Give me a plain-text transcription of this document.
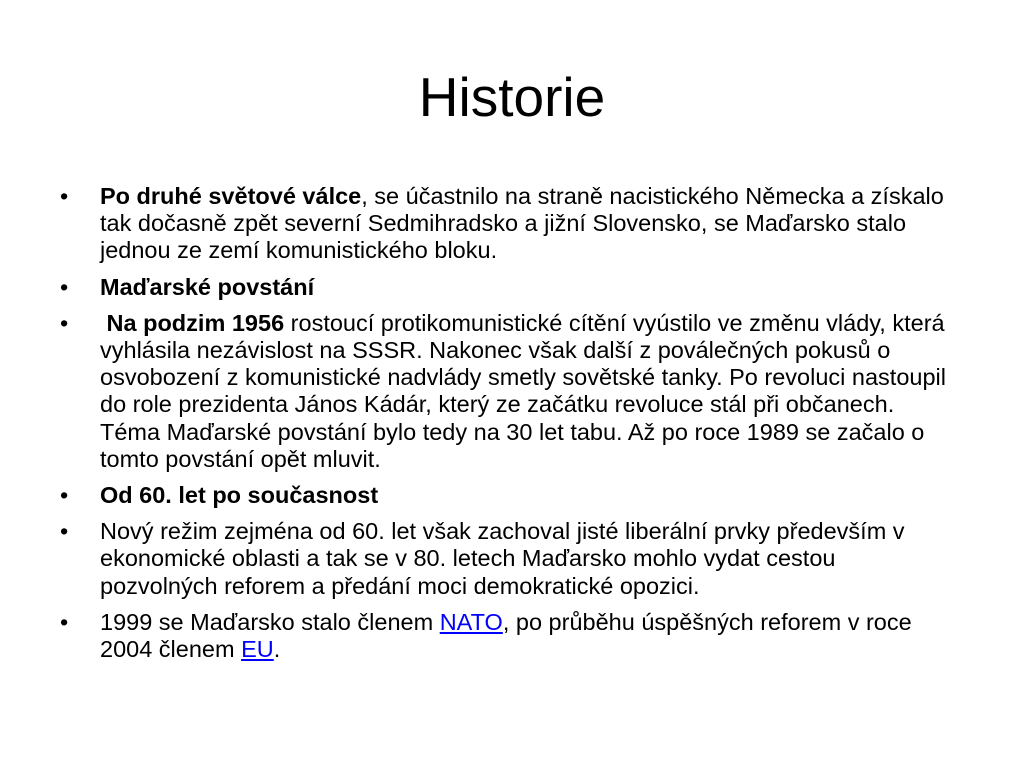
Historie
•	Po druhé světové válce, se účastnilo na straně nacistického Německa a získalo tak dočasně zpět severní Sedmihradsko a jižní Slovensko, se Maďarsko stalo jednou ze zemí komunistického bloku.
•	Maďarské povstání
•	Na podzim 1956 rostoucí protikomunistické cítění vyústilo ve změnu vlády, která vyhlásila nezávislost na SSSR. Nakonec však další z poválečných pokusů o osvobození z komunistické nadvlády smetly sovětské tanky. Po revoluci nastoupil do role prezidenta János Kádár, který ze začátku revoluce stál při občanech. Téma Maďarské povstání bylo tedy na 30 let tabu. Až po roce 1989 se začalo o tomto povstání opět mluvit.
•	Od 60. let po současnost
•	Nový režim zejména od 60. let však zachoval jisté liberální prvky především v ekonomické oblasti a tak se v 80. letech Maďarsko mohlo vydat cestou pozvolných reforem a předání moci demokratické opozici.
•	1999 se Maďarsko stalo členem NATO, po průběhu úspěšných reforem v roce 2004 členem EU.
